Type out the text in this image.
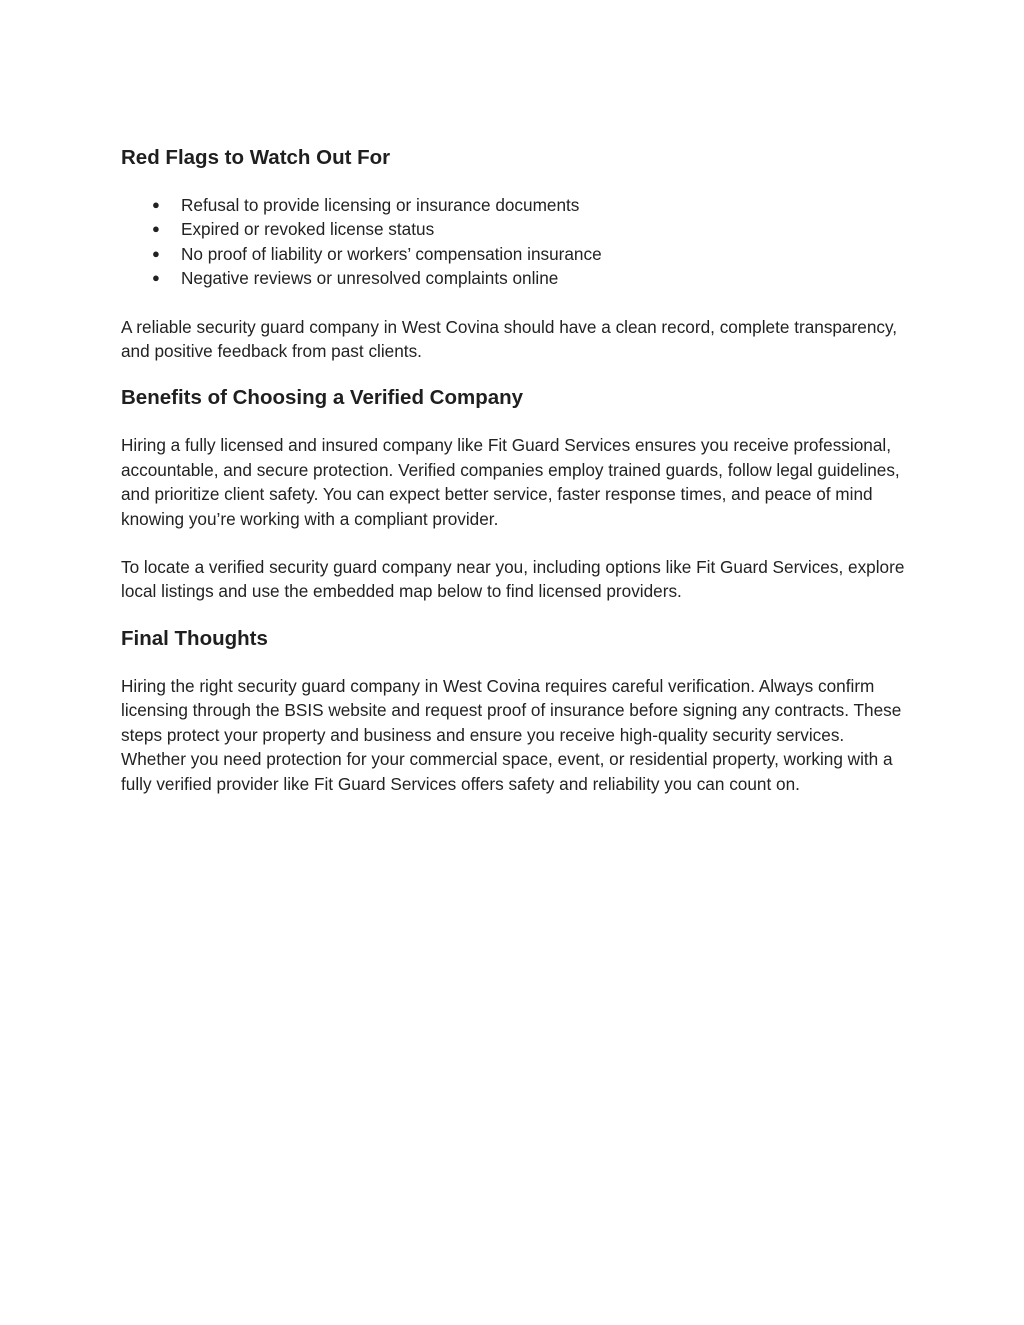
Red Flags to Watch Out For
● Refusal to provide licensing or insurance documents
● Expired or revoked license status
● No proof of liability or workers’ compensation insurance
● Negative reviews or unresolved complaints online

A reliable security guard company in West Covina should have a clean record, complete transparency, and positive feedback from past clients.

Benefits of Choosing a Verified Company

Hiring a fully licensed and insured company like Fit Guard Services ensures you receive professional, accountable, and secure protection. Verified companies employ trained guards, follow legal guidelines, and prioritize client safety. You can expect better service, faster response times, and peace of mind knowing you’re working with a compliant provider.

To locate a verified security guard company near you, including options like Fit Guard Services, explore local listings and use the embedded map below to find licensed providers.

Final Thoughts

Hiring the right security guard company in West Covina requires careful verification. Always confirm licensing through the BSIS website and request proof of insurance before signing any contracts. These steps protect your property and business and ensure you receive high-quality security services. Whether you need protection for your commercial space, event, or residential property, working with a fully verified provider like Fit Guard Services offers safety and reliability you can count on.
